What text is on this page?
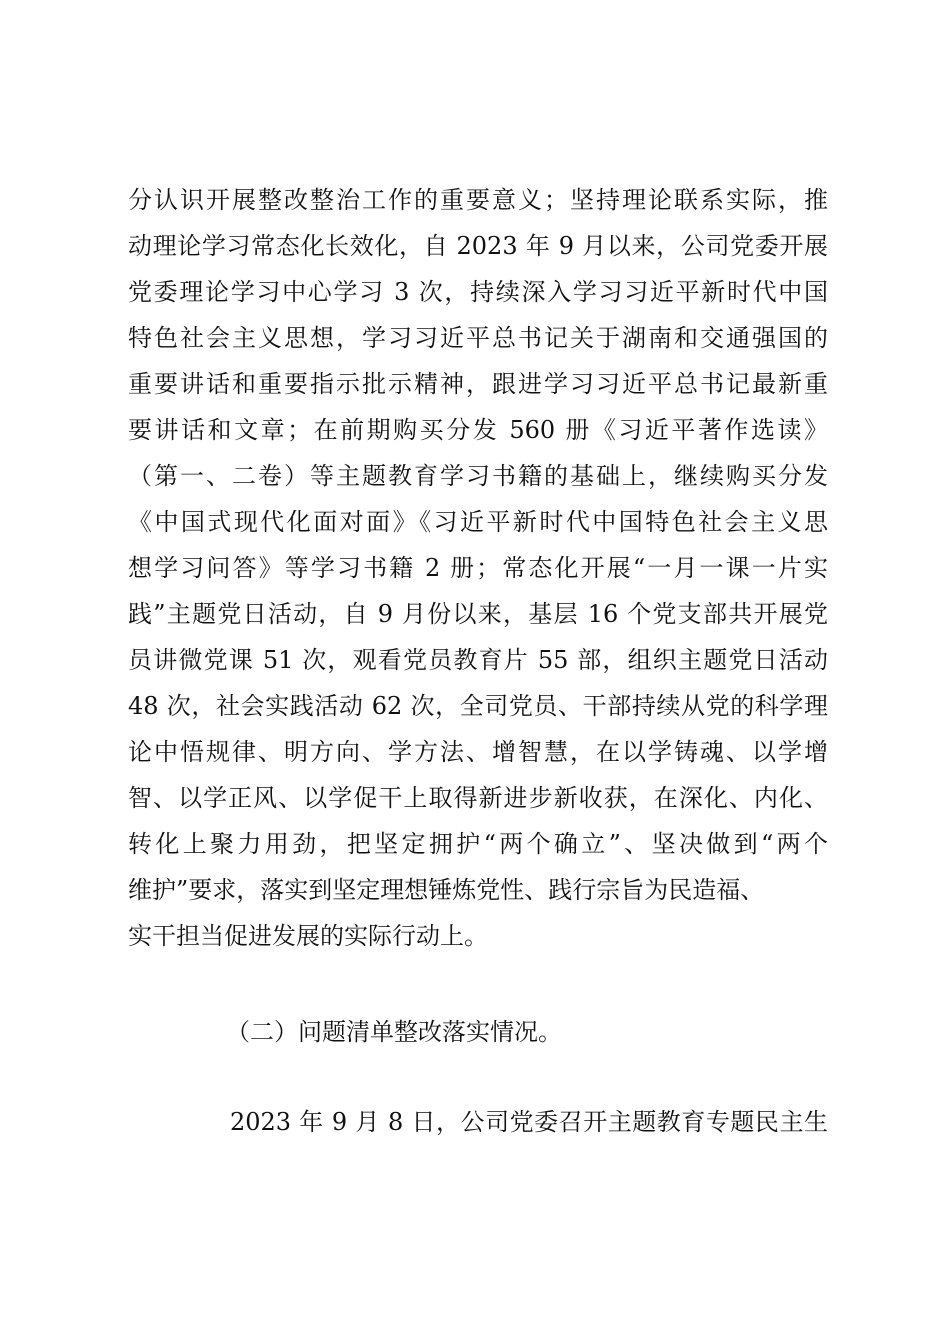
分认识开展整改整治工作的重要意义；坚持理论联系实际，推
动理论学习常态化长效化，自 2023 年 9 月以来，公司党委开展
党委理论学习中心学习 3 次，持续深入学习习近平新时代中国
特色社会主义思想，学习习近平总书记关于湖南和交通强国的
重要讲话和重要指示批示精神，跟进学习习近平总书记最新重
要讲话和文章；在前期购买分发 560 册《习近平著作选读》
（第一、二卷）等主题教育学习书籍的基础上，继续购买分发
《中国式现代化面对面》《习近平新时代中国特色社会主义思
想学习问答》等学习书籍 2 册；常态化开展“一月一课一片实
践”主题党日活动，自 9 月份以来，基层 16 个党支部共开展党
员讲微党课 51 次，观看党员教育片 55 部，组织主题党日活动
48 次，社会实践活动 62 次，全司党员、干部持续从党的科学理
论中悟规律、明方向、学方法、增智慧，在以学铸魂、以学增
智、以学正风、以学促干上取得新进步新收获，在深化、内化、
转化上聚力用劲，把坚定拥护“两个确立”、坚决做到“两个
维护”要求，落实到坚定理想锤炼党性、践行宗旨为民造福、
实干担当促进发展的实际行动上。
（二）问题清单整改落实情况。
2023 年 9 月 8 日，公司党委召开主题教育专题民主生
